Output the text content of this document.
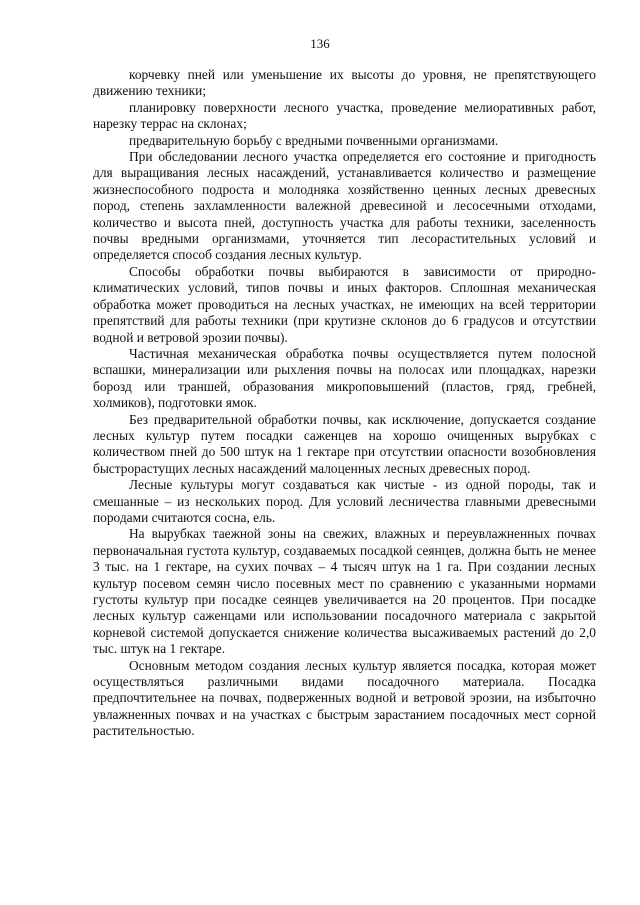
136

корчевку пней или уменьшение их высоты до уровня, не препятствующего движению техники;

планировку поверхности лесного участка, проведение мелиоративных работ, нарезку террас на склонах;

предварительную борьбу с вредными почвенными организмами.

При обследовании лесного участка определяется его состояние и пригодность для выращивания лесных насаждений, устанавливается количество и размещение жизнеспособного подроста и молодняка хозяйственно ценных лесных древесных пород, степень захламленности валежной древесиной и лесосечными отходами, количество и высота пней, доступность участка для работы техники, заселенность почвы вредными организмами, уточняется тип лесорастительных условий и определяется способ создания лесных культур.

Способы обработки почвы выбираются в зависимости от природно-климатических условий, типов почвы и иных факторов. Сплошная механическая обработка может проводиться на лесных участках, не имеющих на всей территории препятствий для работы техники (при крутизне склонов до 6 градусов и отсутствии водной и ветровой эрозии почвы).

Частичная механическая обработка почвы осуществляется путем полосной вспашки, минерализации или рыхления почвы на полосах или площадках, нарезки борозд или траншей, образования микроповышений (пластов, гряд, гребней, холмиков), подготовки ямок.

Без предварительной обработки почвы, как исключение, допускается создание лесных культур путем посадки саженцев на хорошо очищенных вырубках с количеством пней до 500 штук на 1 гектаре при отсутствии опасности возобновления быстрорастущих лесных насаждений малоценных лесных древесных пород.

Лесные культуры могут создаваться как чистые - из одной породы, так и смешанные – из нескольких пород. Для условий лесничества главными древесными породами считаются сосна, ель.

На вырубках таежной зоны на свежих, влажных и переувлажненных почвах первоначальная густота культур, создаваемых посадкой сеянцев, должна быть не менее 3 тыс. на 1 гектаре, на сухих почвах – 4 тысяч штук на 1 га. При создании лесных культур посевом семян число посевных мест по сравнению с указанными нормами густоты культур при посадке сеянцев увеличивается на 20 процентов. При посадке лесных культур саженцами или использовании посадочного материала с закрытой корневой системой допускается снижение количества высаживаемых растений до 2,0 тыс. штук на 1 гектаре.

Основным методом создания лесных культур является посадка, которая может осуществляться различными видами посадочного материала. Посадка предпочтительнее на почвах, подверженных водной и ветровой эрозии, на избыточно увлажненных почвах и на участках с быстрым зарастанием посадочных мест сорной растительностью.
